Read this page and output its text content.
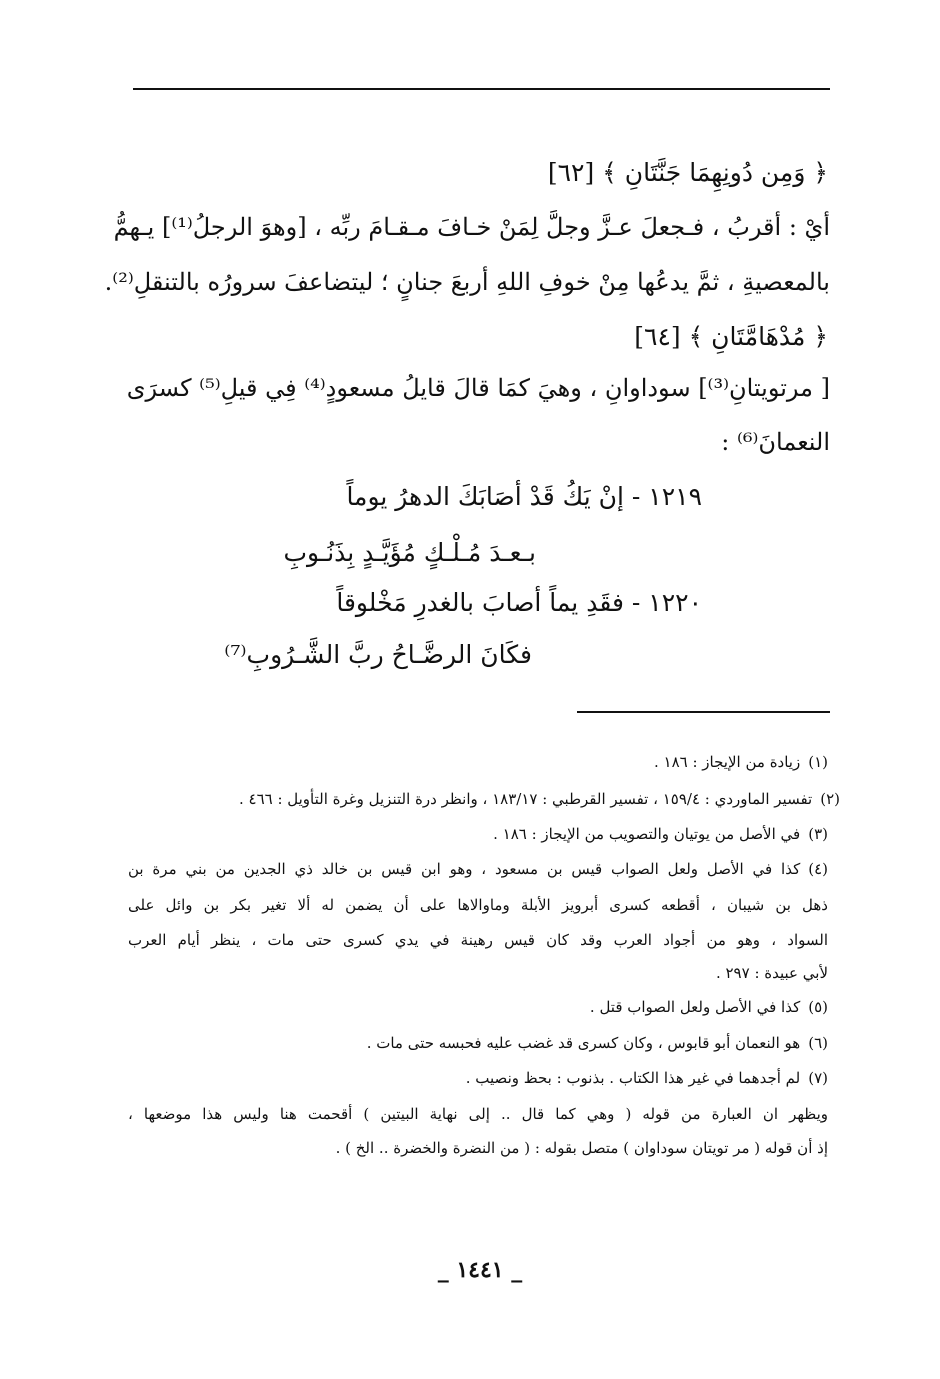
﴿ وَمِن دُونِهِمَا جَنَّتَانِ ﴾ [٦٢]
أيْ : أقربُ ، فـجعلَ عـزَّ وجلَّ لِمَنْ خـافَ مـقـامَ ربِّه ، [وهوَ الرجلُ⁽¹⁾] يـهمُّ
بالمعصيةِ ، ثمَّ يدعُها مِنْ خوفِ اللهِ أربعَ جنانٍ ؛ ليتضاعفَ سرورُه بالتنقلِ⁽²⁾.
﴿ مُدْهَامَّتَانِ ﴾ [٦٤]
[ مرتويتانِ⁽³⁾] سوداوانِ ، وهيَ كمَا قالَ قايلُ مسعودٍ⁽⁴⁾ فِي قيلِ⁽⁵⁾ كسرَى
النعمانَ⁽⁶⁾ :
١٢١٩ - إنْ يَكُ قَدْ أصَابَكَ الدهرُ يوماً
بـعـدَ مُـلْـكٍ مُؤَيَّـدٍ بِذَنُـوبِ
١٢٢٠ - فقَدِ يماً أصابَ بالغدرِ مَخْلوقاً
فكَانَ الرضَّـاحُ ربَّ الشَّـرُوبِ⁽⁷⁾
(١)زيادة من الإيجاز : ١٨٦ .
(٢)تفسير الماوردي : ١٥٩/٤ ، تفسير القرطبي : ١٨٣/١٧ ، وانظر درة التنزيل وغرة التأويل : ٤٦٦ .
(٣)في الأصل من يوتيان والتصويب من الإيجاز : ١٨٦ .
(٤)كذا في الأصل ولعل الصواب قيس بن مسعود ، وهو ابن قيس بن خالد ذي الجدين من بني مرة بن
ذهل بن شيبان ، أقطعه كسرى أبرويز الأبلة وماوالاها على أن يضمن له ألا تغير بكر بن وائل على
السواد ، وهو من أجواد العرب وقد كان قيس رهينة في يدي كسرى حتى مات ، ينظر أيام العرب
لأبي عبيدة : ٢٩٧ .
(٥)كذا في الأصل ولعل الصواب قتل .
(٦)هو النعمان أبو قابوس ، وكان كسرى قد غضب عليه فحبسه حتى مات .
(٧)لم أجدهما في غير هذا الكتاب . بذنوب : بحظ ونصيب .
ويظهر ان العبارة من قوله ( وهي كما قال .. إلى نهاية البيتين ) أقحمت هنا وليس هذا موضعها ،
إذ أن قوله ( مر تويتان سوداوان ) متصل بقوله : ( من النضرة والخضرة .. الخ ) .
_ ١٤٤١ _
